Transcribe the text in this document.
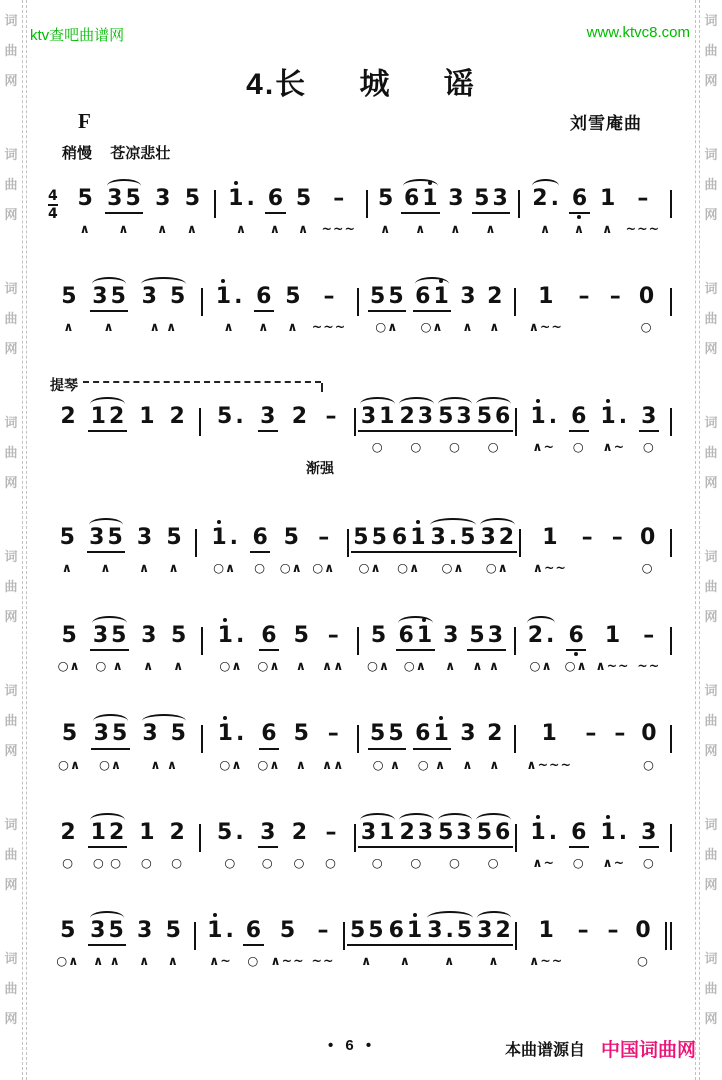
词
曲
网
词
曲
网
词
曲
网
词
曲
网
词
曲
网
词
曲
网
词
曲
网
词
曲
网
词
曲
网
词
曲
网
词
曲
网
词
曲
网
词
曲
网
词
曲
网
词
曲
网
词
曲
网
ktv查吧曲谱网	www.ktvc8.com
4.长 城 谣
F	刘雪庵曲
稍慢 苍凉悲壮
4
4
5
∧
3 5
∧
3
∧
5
∧
1 .
∧
6
∧
5
∧
–
~~~
5
∧
6 1
∧
3
∧
5 3
∧
2 .
∧
6
∧
1
∧
–
~~~
5
∧
3 5
∧
3 5
∧ ∧
1 .
∧
6
∧
5
∧
–
~~~
5 5
○∧
6 1
○∧
3
∧
2
∧
1
∧~~
– – 0
○
提琴
2 1 2 1 2 5 . 3 2 – 3 1
○
2 3
○
5 3
○
5 6
○
1 .
∧~
6
○
1 .
∧~
3
○
渐强
5
∧
3 5
∧
3
∧
5
∧
1 .
○∧
6
○
5
○∧
–
○∧
5 5
○∧
6 1
○∧
3 . 5
○∧
3 2
○∧
1
∧~~
– – 0
○
5
○∧
3 5
○ ∧
3
∧
5
∧
1 .
○∧
6
○∧
5
∧
–
∧∧
5
○∧
6 1
○∧
3
∧
5 3
∧ ∧
2 .
○∧
6
○∧
1
∧~~
–
~~
5
○∧
3 5
○∧
3 5
∧ ∧
1 .
○∧
6
○∧
5
∧
–
∧∧
5 5
○ ∧
6 1
○ ∧
3
∧
2
∧
1
∧~~~
– – 0
○
2
○
1 2
○ ○
1
○
2
○
5 .
○
3
○
2
○
–
○
3 1
○
2 3
○
5 3
○
5 6
○
1 .
∧~
6
○
1 .
∧~
3
○
5
○∧
3 5
∧ ∧
3
∧
5
∧
1 .
∧~
6
○
5
∧~~
–
~~
5 5
∧
6 1
∧
3 . 5
∧
3 2
∧
1
∧~~
– – 0
○
• 6 •	本曲谱源自 中国词曲网
